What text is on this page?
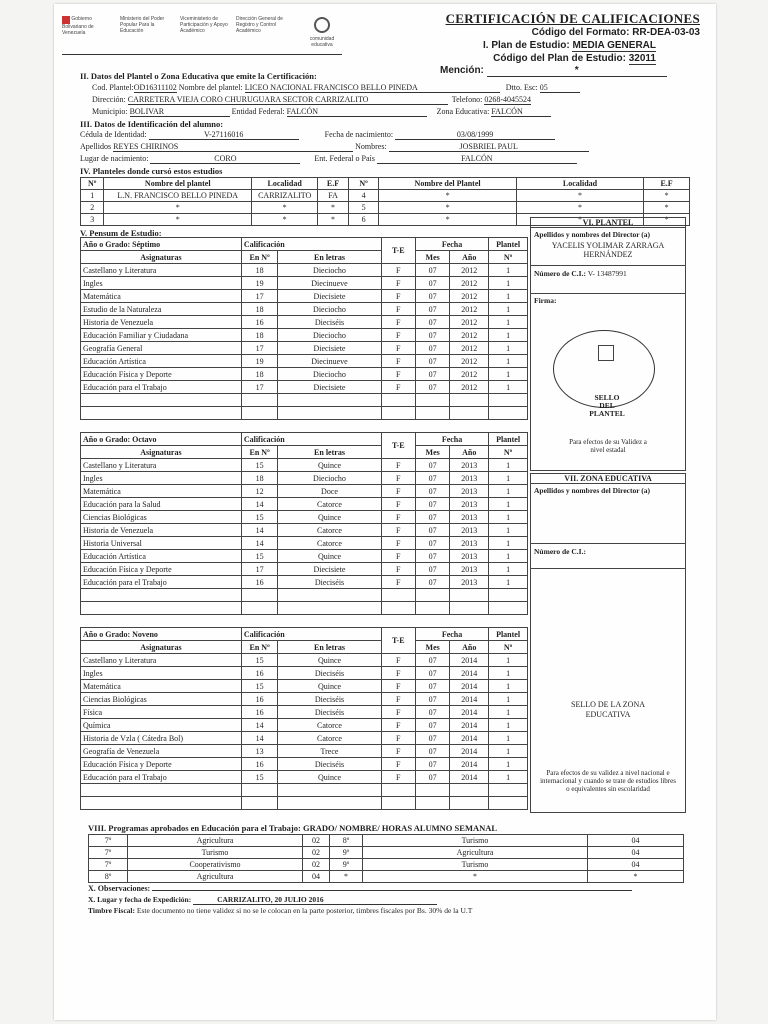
Gobierno Bolivariano de Venezuela
Ministerio del Poder Popular Para la Educación
Viceministerio de Participación y Apoyo Académico
Dirección General de Registro y Control Académico

comunidad educativa
CERTIFICACIÓN DE CALIFICACIONES
Código del Formato: RR-DEA-03-03
I. Plan de Estudio: MEDIA GENERAL
Código del Plan de Estudio: 32011
Mención:	*
II. Datos del Plantel o Zona Educativa que emite la Certificación:
Cod. Plantel:OD16311102 Nombre del plantel: LICEO NACIONAL FRANCISCO BELLO PINEDA	Dtto. Esc: 05
Dirección: CARRETERA VIEJA CORO CHURUGUARA SECTOR CARRIZALITO	Telefono: 0268-4045524
Municipio: BOLIVAR	Entidad Federal: FALCÓN	Zona Educativa: FALCÓN
III. Datos de Identificación del alumno:
Cédula de Identidad:	V-27116016	Fecha de nacimiento:	03/08/1999
Apellidos REYES CHIRINOS	Nombres:	JOSBRIEL PAUL
Lugar de nacimiento:	CORO	Ent. Federal o País	FALCÓN
IV. Planteles donde cursó estos estudios
Nº	Nombre del plantel	Localidad	E.F	Nº	Nombre del Plantel	Localidad	E.F
1	L.N. FRANCISCO BELLO PINEDA	CARRIZALITO	FA	4	*	*	*
2	*	*	*	5	*	*	*
3	*	*	*	6	*	*	*
V. Pensum de Estudio:
Año o Grado: Séptimo	Calificación		T-E	Fecha		Plantel
Asignaturas	En Nº	En letras		Mes	Año	Nº
Castellano y Literatura	18	Dieciocho	F	07	2012	1
Ingles	19	Diecinueve	F	07	2012	1
Matemática	17	Diecisiete	F	07	2012	1
Estudio de la Naturaleza	18	Dieciocho	F	07	2012	1
Historia de Venezuela	16	Dieciséis	F	07	2012	1
Educación Familiar y Ciudadana	18	Dieciocho	F	07	2012	1
Geografía General	17	Diecisiete	F	07	2012	1
Educación Artística	19	Diecinueve	F	07	2012	1
Educación Física y Deporte	18	Dieciocho	F	07	2012	1
Educación para el Trabajo	17	Diecisiete	F	07	2012	1

Año o Grado: Octavo	Calificación		T-E	Fecha		Plantel
Asignaturas	En Nº	En letras		Mes	Año	Nº
Castellano y Literatura	15	Quince	F	07	2013	1
Ingles	18	Dieciocho	F	07	2013	1
Matemática	12	Doce	F	07	2013	1
Educación para la Salud	14	Catorce	F	07	2013	1
Ciencias Biológicas	15	Quince	F	07	2013	1
Historia de Venezuela	14	Catorce	F	07	2013	1
Historia Universal	14	Catorce	F	07	2013	1
Educación Artística	15	Quince	F	07	2013	1
Educación Física y Deporte	17	Diecisiete	F	07	2013	1
Educación para el Trabajo	16	Dieciséis	F	07	2013	1

Año o Grado: Noveno	Calificación		T-E	Fecha		Plantel
Asignaturas	En Nº	En letras		Mes	Año	Nº
Castellano y Literatura	15	Quince	F	07	2014	1
Ingles	16	Dieciséis	F	07	2014	1
Matemática	15	Quince	F	07	2014	1
Ciencias Biológicas	16	Dieciséis	F	07	2014	1
Física	16	Dieciséis	F	07	2014	1
Química	14	Catorce	F	07	2014	1
Historia de Vzla ( Cátedra Bol)	14	Catorce	F	07	2014	1
Geografía de Venezuela	13	Trece	F	07	2014	1
Educación Física y Deporte	16	Dieciséis	F	07	2014	1
Educación para el Trabajo	15	Quince	F	07	2014	1

VI. PLANTEL
Apellidos y nombres del Director (a)
YACELIS YOLIMAR ZARRAGA HERNÁNDEZ
Número de C.I.: V- 13487991
Firma:
SELLO DEL PLANTEL
Para efectos de su Validez a nivel estadal
VII. ZONA EDUCATIVA
Apellidos y nombres del Director (a)
Número de C.I.:
SELLO DE LA ZONA EDUCATIVA
Para efectos de su validez a nivel nacional e internacional y cuando se trate de estudios libres o equivalentes sin escolaridad
VIII. Programas aprobados en Educación para el Trabajo: GRADO/ NOMBRE/ HORAS ALUMNO SEMANAL
7º	Agricultura	02	8º	Turismo	04
7º	Turismo	02	9º	Agricultura	04
7º	Cooperativismo	02	9º	Turismo	04
8º	Agricultura	04	*	*	*
X. Observaciones:
X. Lugar y fecha de Expedición:	CARRIZALITO, 20 JULIO 2016
Timbre Fiscal: Este documento no tiene validez si no se le colocan en la parte posterior, timbres fiscales por Bs. 30% de la U.T
